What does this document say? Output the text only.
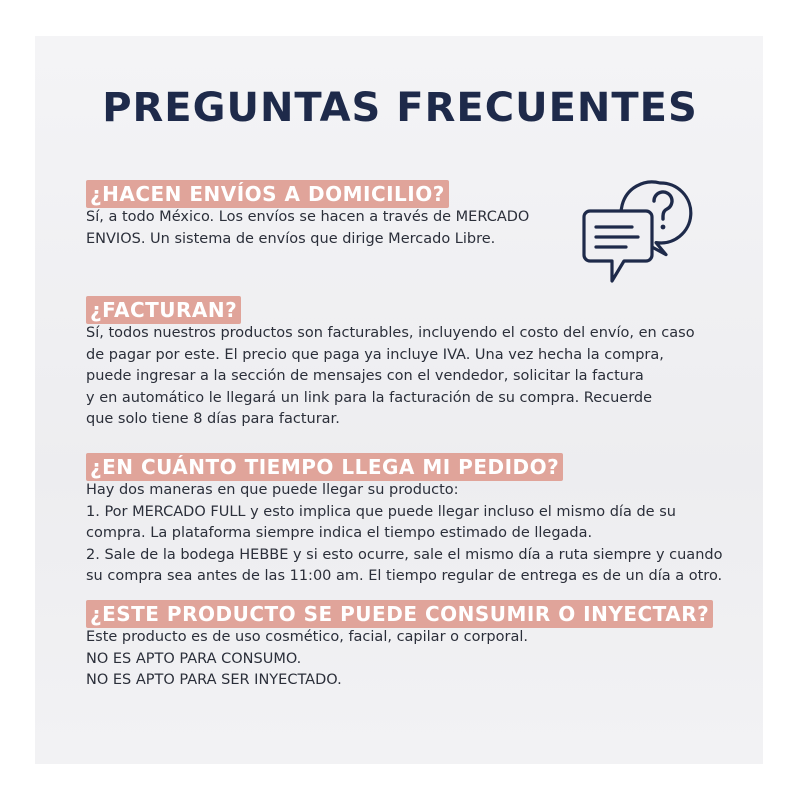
PREGUNTAS FRECUENTES
¿HACEN ENVÍOS A DOMICILIO?
Sí, a todo México. Los envíos se hacen a través de MERCADO
ENVIOS. Un sistema de envíos que dirige Mercado Libre.
¿FACTURAN?
Sí, todos nuestros productos son facturables, incluyendo el costo del envío, en caso
de pagar por este. El precio que paga ya incluye IVA. Una vez hecha la compra,
puede ingresar a la sección de mensajes con el vendedor, solicitar la factura
y en automático le llegará un link para la facturación de su compra. Recuerde
que solo tiene 8 días para facturar.
¿EN CUÁNTO TIEMPO LLEGA MI PEDIDO?
Hay dos maneras en que puede llegar su producto:
1. Por MERCADO FULL y esto implica que puede llegar incluso el mismo día de su
compra. La plataforma siempre indica el tiempo estimado de llegada.
2. Sale de la bodega HEBBE y si esto ocurre, sale el mismo día a ruta siempre y cuando
su compra sea antes de las 11:00 am. El tiempo regular de entrega es de un día a otro.
¿ESTE PRODUCTO SE PUEDE CONSUMIR O INYECTAR?
Este producto es de uso cosmético, facial, capilar o corporal.
NO ES APTO PARA CONSUMO.
NO ES APTO PARA SER INYECTADO.
